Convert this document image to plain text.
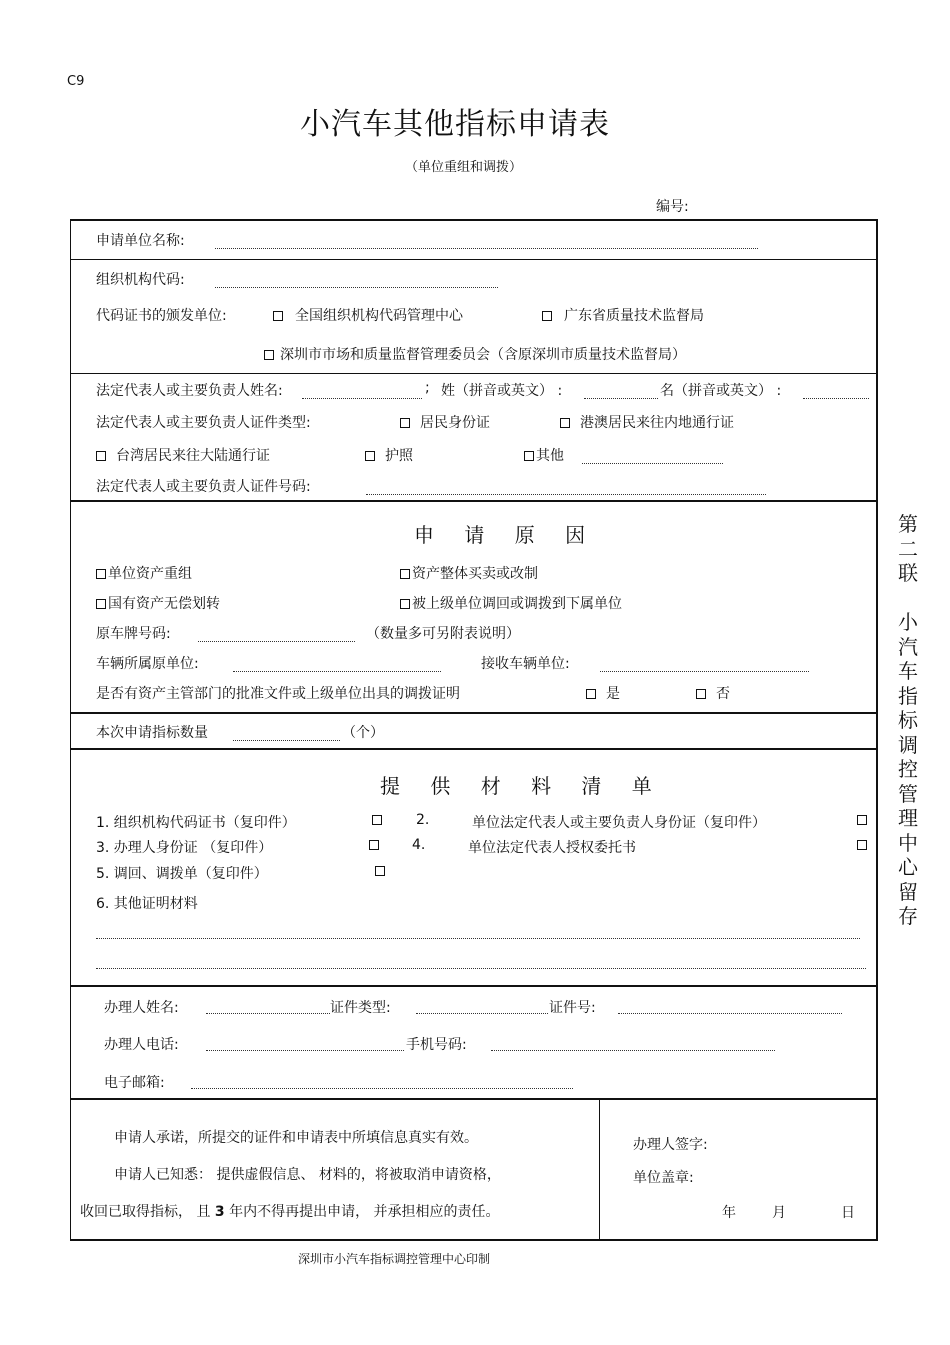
C9
小汽车其他指标申请表
（单位重组和调拨）
编号:
申请单位名称:
组织机构代码:
代码证书的颁发单位:	全国组织机构代码管理中心	广东省质量技术监督局
深圳市市场和质量监督管理委员会（含原深圳市质量技术监督局）
法定代表人或主要负责人姓名:	; 姓（拼音或英文） :	名（拼音或英文） :
法定代表人或主要负责人证件类型:	居民身份证	港澳居民来往内地通行证
台湾居民来往大陆通行证	护照	其他
法定代表人或主要负责人证件号码:
申 请 原 因
单位资产重组	资产整体买卖或改制
国有资产无偿划转	被上级单位调回或调拨到下属单位
原车牌号码:	（数量多可另附表说明）
车辆所属原单位:	接收车辆单位:
是否有资产主管部门的批准文件或上级单位出具的调拨证明	是	否
本次申请指标数量	（个）
提 供 材 料 清 单
1. 组织机构代码证书（复印件）	2.	单位法定代表人或主要负责人身份证（复印件）
3. 办理人身份证 （复印件）	4.	单位法定代表人授权委托书
5. 调回、调拨单（复印件）
6. 其他证明材料
办理人姓名:	证件类型:	证件号:
办理人电话:	手机号码:
电子邮箱:
申请人承诺，所提交的证件和申请表中所填信息真实有效。
申请人已知悉： 提供虚假信息、 材料的，将被取消申请资格，
收回已取得指标， 且 3 年内不得再提出申请， 并承担相应的责任。
办理人签字:
单位盖章:
年	月	日
第
二
联
小
汽
车
指
标
调
控
管
理
中
心
留
存
深圳市小汽车指标调控管理中心印制
